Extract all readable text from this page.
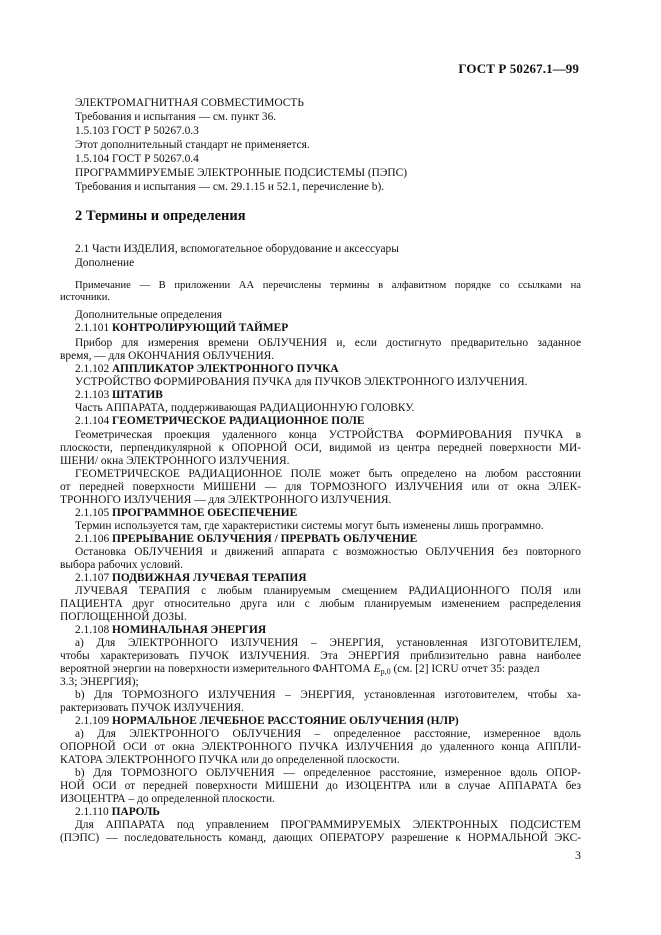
ГОСТ Р 50267.1—99
ЭЛЕКТРОМАГНИТНАЯ СОВМЕСТИМОСТЬ
Требования и испытания — см. пункт 36.
1.5.103 ГОСТ Р 50267.0.3
Этот дополнительный стандарт не применяется.
1.5.104 ГОСТ Р 50267.0.4
ПРОГРАММИРУЕМЫЕ ЭЛЕКТРОННЫЕ ПОДСИСТЕМЫ (ПЭПС)
Требования и испытания — см. 29.1.15 и 52.1, перечисление b).
2 Термины и определения
2.1 Части ИЗДЕЛИЯ, вспомогательное оборудование и аксессуары
Дополнение
Примечание — В приложении АА перечислены термины в алфавитном порядке со ссылками на
источники.
Дополнительные определения
2.1.101 КОНТРОЛИРУЮЩИЙ ТАЙМЕР
Прибор для измерения времени ОБЛУЧЕНИЯ и, если достигнуто предварительно заданное
время, — для ОКОНЧАНИЯ ОБЛУЧЕНИЯ.
2.1.102 АППЛИКАТОР ЭЛЕКТРОННОГО ПУЧКА
УСТРОЙСТВО ФОРМИРОВАНИЯ ПУЧКА для ПУЧКОВ ЭЛЕКТРОННОГО ИЗЛУЧЕНИЯ.
2.1.103 ШТАТИВ
Часть АППАРАТА, поддерживающая РАДИАЦИОННУЮ ГОЛОВКУ.
2.1.104 ГЕОМЕТРИЧЕСКОЕ РАДИАЦИОННОЕ ПОЛЕ
Геометрическая проекция удаленного конца УСТРОЙСТВА ФОРМИРОВАНИЯ ПУЧКА в
плоскости, перпендикулярной к ОПОРНОЙ ОСИ, видимой из центра передней поверхности МИ-
ШЕНИ/ окна ЭЛЕКТРОННОГО ИЗЛУЧЕНИЯ.
ГЕОМЕТРИЧЕСКОЕ РАДИАЦИОННОЕ ПОЛЕ может быть определено на любом расстоянии
от передней поверхности МИШЕНИ — для ТОРМОЗНОГО ИЗЛУЧЕНИЯ или от окна ЭЛЕК-
ТРОННОГО ИЗЛУЧЕНИЯ — для ЭЛЕКТРОННОГО ИЗЛУЧЕНИЯ.
2.1.105 ПРОГРАММНОЕ ОБЕСПЕЧЕНИЕ
Термин используется там, где характеристики системы могут быть изменены лишь программно.
2.1.106 ПРЕРЫВАНИЕ ОБЛУЧЕНИЯ / ПРЕРВАТЬ ОБЛУЧЕНИЕ
Остановка ОБЛУЧЕНИЯ и движений аппарата с возможностью ОБЛУЧЕНИЯ без повторного
выбора рабочих условий.
2.1.107 ПОДВИЖНАЯ ЛУЧЕВАЯ ТЕРАПИЯ
ЛУЧЕВАЯ ТЕРАПИЯ с любым планируемым смещением РАДИАЦИОННОГО ПОЛЯ или
ПАЦИЕНТА друг относительно друга или с любым планируемым изменением распределения
ПОГЛОЩЕННОЙ ДОЗЫ.
2.1.108 НОМИНАЛЬНАЯ ЭНЕРГИЯ
а) Для ЭЛЕКТРОННОГО ИЗЛУЧЕНИЯ – ЭНЕРГИЯ, установленная ИЗГОТОВИТЕЛЕМ,
чтобы характеризовать ПУЧОК ИЗЛУЧЕНИЯ. Эта ЭНЕРГИЯ приблизительно равна наиболее
вероятной энергии на поверхности измерительного ФАНТОМА $E_{p,0}$ (см. [2] ICRU отчет 35: раздел
3.3; ЭНЕРГИЯ);
b) Для ТОРМОЗНОГО ИЗЛУЧЕНИЯ – ЭНЕРГИЯ, установленная изготовителем, чтобы ха-
рактеризовать ПУЧОК ИЗЛУЧЕНИЯ.
2.1.109 НОРМАЛЬНОЕ ЛЕЧЕБНОЕ РАССТОЯНИЕ ОБЛУЧЕНИЯ (НЛР)
а) Для ЭЛЕКТРОННОГО ОБЛУЧЕНИЯ – определенное расстояние, измеренное вдоль
ОПОРНОЙ ОСИ от окна ЭЛЕКТРОННОГО ПУЧКА ИЗЛУЧЕНИЯ до удаленного конца АППЛИ-
КАТОРА ЭЛЕКТРОННОГО ПУЧКА или до определенной плоскости.
b) Для ТОРМОЗНОГО ОБЛУЧЕНИЯ — определенное расстояние, измеренное вдоль ОПОР-
НОЙ ОСИ от передней поверхности МИШЕНИ до ИЗОЦЕНТРА или в случае АППАРАТА без
ИЗОЦЕНТРА – до определенной плоскости.
2.1.110 ПАРОЛЬ
Для АППАРАТА под управлением ПРОГРАММИРУЕМЫХ ЭЛЕКТРОННЫХ ПОДСИСТЕМ
(ПЭПС) — последовательность команд, дающих ОПЕРАТОРУ разрешение к НОРМАЛЬНОЙ ЭКС-
3
